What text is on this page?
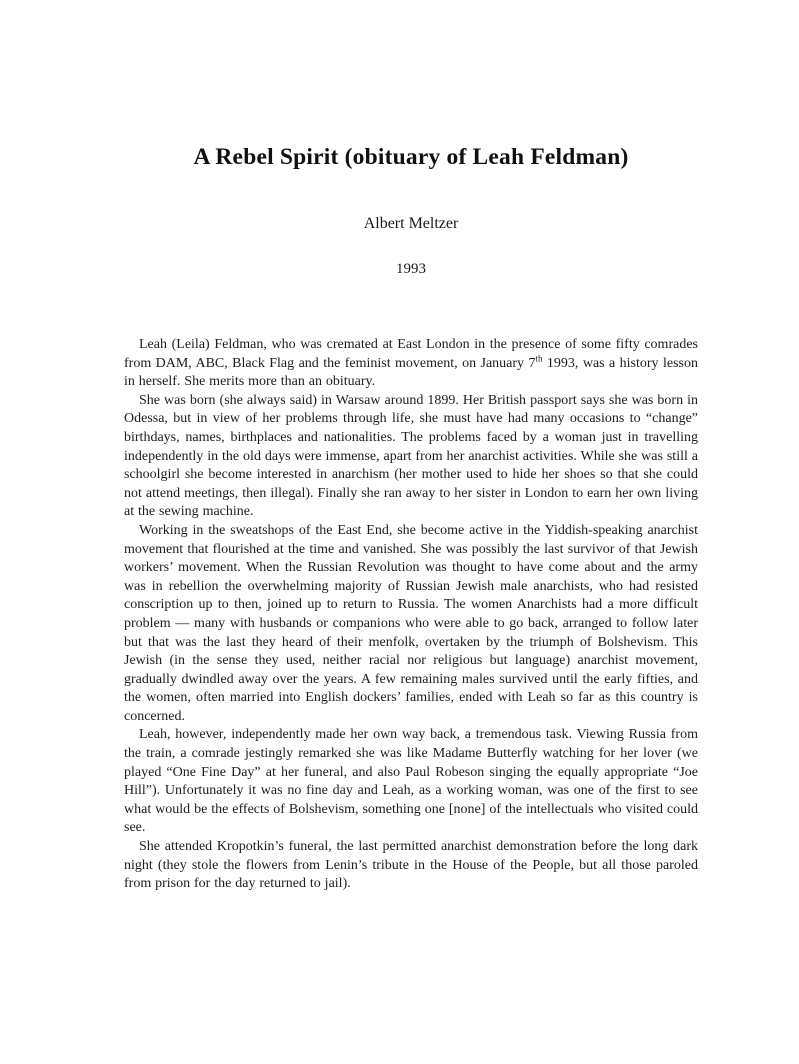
A Rebel Spirit (obituary of Leah Feldman)
Albert Meltzer
1993

Leah (Leila) Feldman, who was cremated at East London in the presence of some fifty comrades from DAM, ABC, Black Flag and the feminist movement, on January 7th 1993, was a history lesson in herself. She merits more than an obituary.

She was born (she always said) in Warsaw around 1899. Her British passport says she was born in Odessa, but in view of her problems through life, she must have had many occasions to “change” birthdays, names, birthplaces and nationalities. The problems faced by a woman just in travelling independently in the old days were immense, apart from her anarchist activities. While she was still a schoolgirl she become interested in anarchism (her mother used to hide her shoes so that she could not attend meetings, then illegal). Finally she ran away to her sister in London to earn her own living at the sewing machine.

Working in the sweatshops of the East End, she become active in the Yiddish-speaking anarchist movement that flourished at the time and vanished. She was possibly the last survivor of that Jewish workers’ movement. When the Russian Revolution was thought to have come about and the army was in rebellion the overwhelming majority of Russian Jewish male anarchists, who had resisted conscription up to then, joined up to return to Russia. The women Anarchists had a more difficult problem — many with husbands or companions who were able to go back, arranged to follow later but that was the last they heard of their menfolk, overtaken by the triumph of Bolshevism. This Jewish (in the sense they used, neither racial nor religious but language) anarchist movement, gradually dwindled away over the years. A few remaining males survived until the early fifties, and the women, often married into English dockers’ families, ended with Leah so far as this country is concerned.

Leah, however, independently made her own way back, a tremendous task. Viewing Russia from the train, a comrade jestingly remarked she was like Madame Butterfly watching for her lover (we played “One Fine Day” at her funeral, and also Paul Robeson singing the equally appropriate “Joe Hill”). Unfortunately it was no fine day and Leah, as a working woman, was one of the first to see what would be the effects of Bolshevism, something one [none] of the intellectuals who visited could see.

She attended Kropotkin’s funeral, the last permitted anarchist demonstration before the long dark night (they stole the flowers from Lenin’s tribute in the House of the People, but all those paroled from prison for the day returned to jail).
